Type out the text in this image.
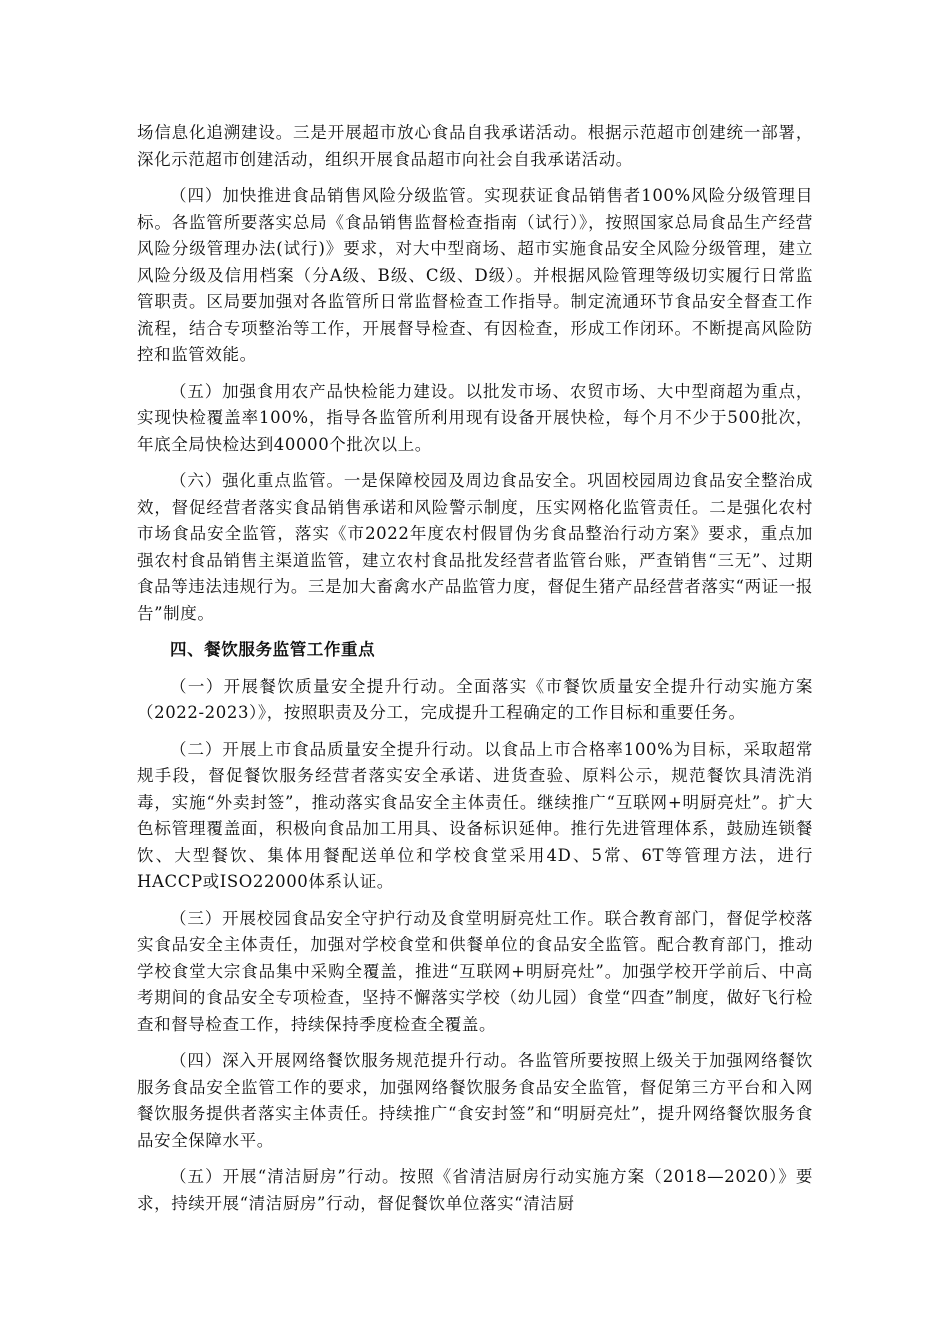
场信息化追溯建设。三是开展超市放心食品自我承诺活动。根据示范超市创建统一部署，深化示范超市创建活动，组织开展食品超市向社会自我承诺活动。

（四）加快推进食品销售风险分级监管。实现获证食品销售者100%风险分级管理目标。各监管所要落实总局《食品销售监督检查指南（试行）》，按照国家总局食品生产经营风险分级管理办法(试行)》要求，对大中型商场、超市实施食品安全风险分级管理，建立风险分级及信用档案（分A级、B级、C级、D级）。并根据风险管理等级切实履行日常监管职责。区局要加强对各监管所日常监督检查工作指导。制定流通环节食品安全督查工作流程，结合专项整治等工作，开展督导检查、有因检查，形成工作闭环。不断提高风险防控和监管效能。

（五）加强食用农产品快检能力建设。以批发市场、农贸市场、大中型商超为重点，实现快检覆盖率100%，指导各监管所利用现有设备开展快检，每个月不少于500批次，年底全局快检达到40000个批次以上。

（六）强化重点监管。一是保障校园及周边食品安全。巩固校园周边食品安全整治成效，督促经营者落实食品销售承诺和风险警示制度，压实网格化监管责任。二是强化农村市场食品安全监管，落实《市2022年度农村假冒伪劣食品整治行动方案》要求，重点加强农村食品销售主渠道监管，建立农村食品批发经营者监管台账，严查销售“三无”、过期食品等违法违规行为。三是加大畜禽水产品监管力度，督促生猪产品经营者落实“两证一报告”制度。

四、餐饮服务监管工作重点

（一）开展餐饮质量安全提升行动。全面落实《市餐饮质量安全提升行动实施方案（2022-2023）》，按照职责及分工，完成提升工程确定的工作目标和重要任务。

（二）开展上市食品质量安全提升行动。以食品上市合格率100%为目标，采取超常规手段，督促餐饮服务经营者落实安全承诺、进货查验、原料公示，规范餐饮具清洗消毒，实施“外卖封签”，推动落实食品安全主体责任。继续推广“互联网+明厨亮灶”。扩大色标管理覆盖面，积极向食品加工用具、设备标识延伸。推行先进管理体系，鼓励连锁餐饮、大型餐饮、集体用餐配送单位和学校食堂采用4D、5常、6T等管理方法，进行HACCP或ISO22000体系认证。

（三）开展校园食品安全守护行动及食堂明厨亮灶工作。联合教育部门，督促学校落实食品安全主体责任，加强对学校食堂和供餐单位的食品安全监管。配合教育部门，推动学校食堂大宗食品集中采购全覆盖，推进“互联网+明厨亮灶”。加强学校开学前后、中高考期间的食品安全专项检查，坚持不懈落实学校（幼儿园）食堂“四查”制度，做好飞行检查和督导检查工作，持续保持季度检查全覆盖。

（四）深入开展网络餐饮服务规范提升行动。各监管所要按照上级关于加强网络餐饮服务食品安全监管工作的要求，加强网络餐饮服务食品安全监管，督促第三方平台和入网餐饮服务提供者落实主体责任。持续推广“食安封签”和“明厨亮灶”，提升网络餐饮服务食品安全保障水平。

（五）开展“清洁厨房”行动。按照《省清洁厨房行动实施方案（2018—2020）》要求，持续开展“清洁厨房”行动，督促餐饮单位落实“清洁厨
